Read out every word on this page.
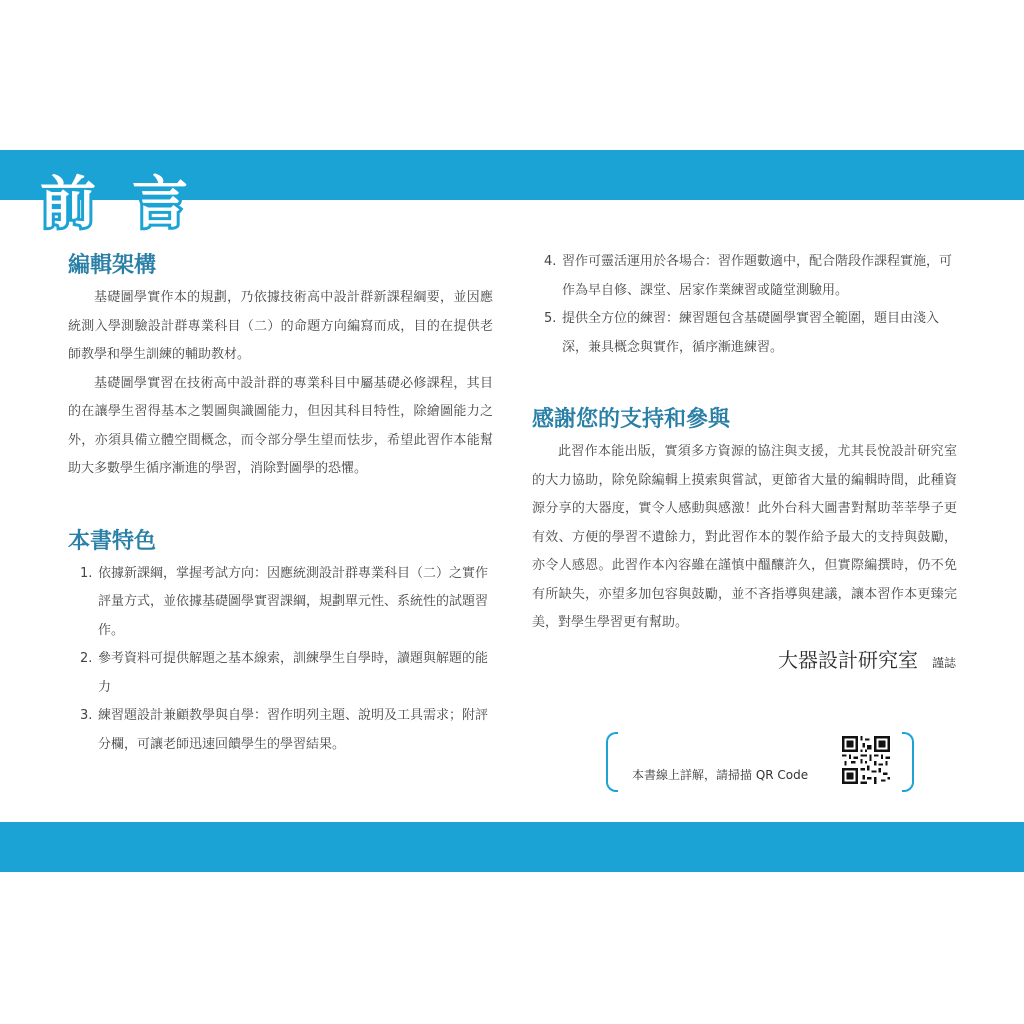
前言
編輯架構

基礎圖學實作本的規劃，乃依據技術高中設計群新課程綱要，並因應統測入學測驗設計群專業科目（二）的命題方向編寫而成，目的在提供老師教學和學生訓練的輔助教材。

基礎圖學實習在技術高中設計群的專業科目中屬基礎必修課程，其目的在讓學生習得基本之製圖與識圖能力，但因其科目特性，除繪圖能力之外，亦須具備立體空間概念，而令部分學生望而怯步，希望此習作本能幫助大多數學生循序漸進的學習，消除對圖學的恐懼。

本書特色
1. 依據新課綱，掌握考試方向：因應統測設計群專業科目（二）之實作評量方式，並依據基礎圖學實習課綱，規劃單元性、系統性的試題習作。
2. 參考資料可提供解題之基本線索，訓練學生自學時，讀題與解題的能力
3. 練習題設計兼顧教學與自學：習作明列主題、說明及工具需求；附評分欄，可讓老師迅速回饋學生的學習結果。
4. 習作可靈活運用於各場合：習作題數適中，配合階段作課程實施，可作為早自修、課堂、居家作業練習或隨堂測驗用。
5. 提供全方位的練習：練習題包含基礎圖學實習全範圍，題目由淺入深，兼具概念與實作，循序漸進練習。
感謝您的支持和參與

此習作本能出版，實須多方資源的協注與支援，尤其長悅設計研究室的大力協助，除免除編輯上摸索與嘗試，更節省大量的編輯時間，此種資源分享的大器度，實令人感動與感激！此外台科大圖書對幫助莘莘學子更有效、方便的學習不遺餘力，對此習作本的製作給予最大的支持與鼓勵，亦令人感恩。此習作本內容雖在謹慎中醞釀許久，但實際編撰時，仍不免有所缺失，亦望多加包容與鼓勵，並不吝指導與建議，讓本習作本更臻完美，對學生學習更有幫助。

大器設計研究室 謹誌
本書線上詳解，請掃描 QR Code
